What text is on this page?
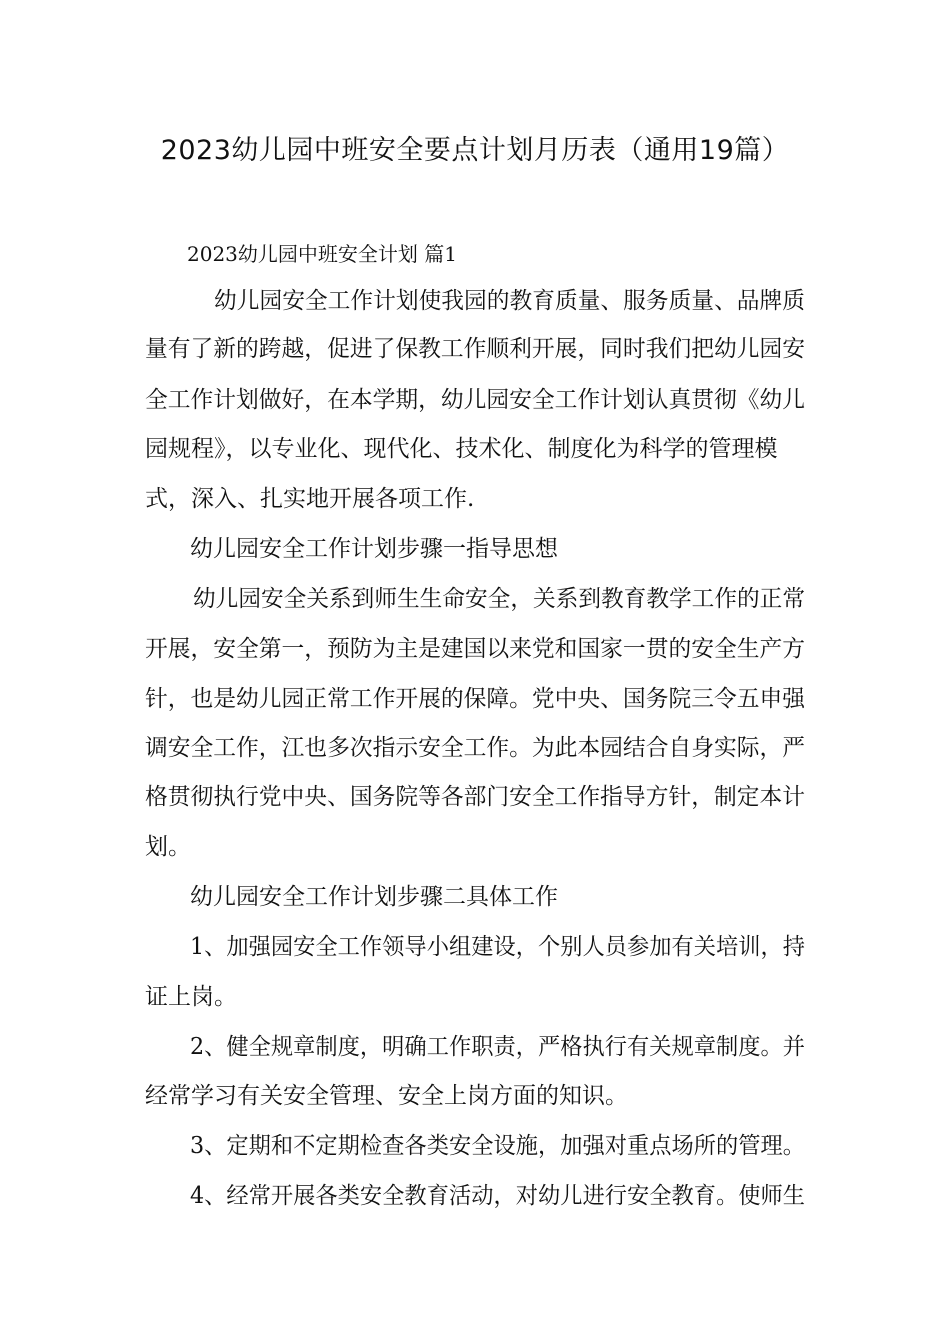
2023幼儿园中班安全要点计划月历表（通用19篇）
2023幼儿园中班安全计划 篇1
幼儿园安全工作计划使我园的教育质量、服务质量、品牌质
量有了新的跨越，促进了保教工作顺利开展，同时我们把幼儿园安
全工作计划做好，在本学期，幼儿园安全工作计划认真贯彻《幼儿
园规程》，以专业化、现代化、技术化、制度化为科学的管理模
式，深入、扎实地开展各项工作.
幼儿园安全工作计划步骤一指导思想
幼儿园安全关系到师生生命安全，关系到教育教学工作的正常
开展，安全第一，预防为主是建国以来党和国家一贯的安全生产方
针，也是幼儿园正常工作开展的保障。党中央、国务院三令五申强
调安全工作，江也多次指示安全工作。为此本园结合自身实际，严
格贯彻执行党中央、国务院等各部门安全工作指导方针，制定本计
划。
幼儿园安全工作计划步骤二具体工作
1、加强园安全工作领导小组建设，个别人员参加有关培训，持
证上岗。
2、健全规章制度，明确工作职责，严格执行有关规章制度。并
经常学习有关安全管理、安全上岗方面的知识。
3、定期和不定期检查各类安全设施，加强对重点场所的管理。
4、经常开展各类安全教育活动，对幼儿进行安全教育。使师生
